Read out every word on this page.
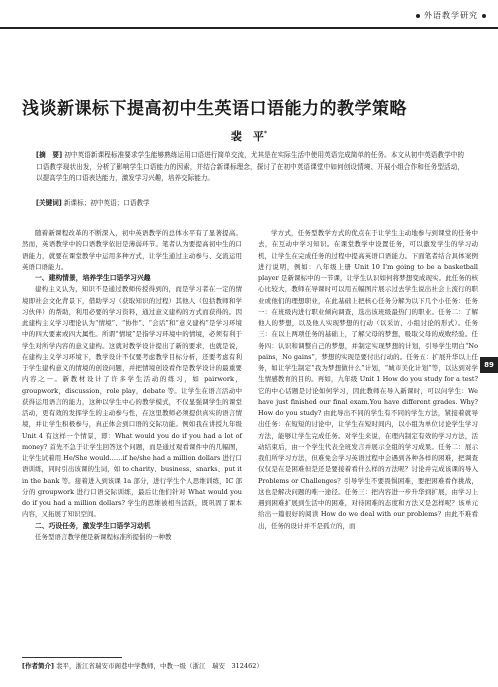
外语教学研究
浅谈新课标下提高初中生英语口语能力的教学策略
裴　平*
[摘　要] 初中英语新课程标准要求学生能够熟练运用口语进行简单交流，尤其是在实际生活中使用英语完成简单的任务。本文从初中英语教学中的口语教学现状出发，分析了影响学生口语能力的因素，并结合新课标理念，探讨了在初中英语课堂中如何创设情境、开展小组合作和任务型活动，以提高学生的口语表达能力，激发学习兴趣，培养交际能力。
[关键词] 新课标；初中英语；口语教学

随着新课程改革的不断深入，初中英语教学的总体水平有了显著提高。然而，英语教学中的口语教学依旧是薄弱环节。笔者认为要提高初中生的口语能力，就要在课堂教学中运用多种方式，让学生通过主动参与、交流运用英语口语能力。

一、建构情景，培养学生口语学习兴趣

建构主义认为，知识不是通过教师传授得到的，而是学习者在一定的情境即社会文化背景下，借助学习（获取知识的过程）其他人（包括教师和学习伙伴）的帮助，利用必要的学习资料，通过意义建构的方式而获得的。因此建构主义学习理论认为“情境”、“协作”、“会话”和“意义建构”是学习环境中的四大要素或四大属性。所谓“情境”是指学习环境中的情境，必须有利于学生对所学内容的意义建构。这就对教学设计提出了新的要求，也就是说，在建构主义学习环境下，教学设计不仅要考虑教学目标分析，还要考虑有利于学生建构意义的情境的创设问题，并把情境创设看作是教学设计的最重要内容之一。新教材设计了许多学生活动的练习，如 pairwork，groupwork，discussion，role play，debate 等。让学生在语言活动中获得运用语言的能力，这种以学生中心的教学模式，不仅显强调学生的课堂活动，更有效的发挥学生的主动参与性，在这里教师必须提供真实的语言情境，并让学生积极参与，真正体会到口语的交际功能。例如我在讲授九年级 Unit 4 有这样一个情景，即：What would you do if you had a lot of money? 首先不急于让学生回答这个问题，而是通过观看课件中的几幅图，让学生试着用 He/She would……if he/she had a million dollars 进行口语训练，同时引出该课的生词，如 to charity、business、snarks、put it in the bank 等。接着进入到该课 1a 部分，进行学生个人思维训练，IC 部分的 groupwork 进行口语交际训练，最后让他们针对 What would you do if you had a million dollars? 学生的思维被相当活跃，既巩固了课本内容，又拓展了知识空间。

二、巧设任务，激发学生口语学习动机

任务型语言教学便是新课程标准所提倡的一种教

学方式，任务型教学方式的优点在于让学生主动地参与到课堂的任务中去，在互动中学习知识。在课堂教学中设置任务，可以激发学生的学习动机，让学生在完成任务的过程中提高英语口语能力。下面笔者结合具体案例进行说明，例如：八年级上册 Unit 10 I'm going to be a basketball player 是新课标中的一节课，让学生认识如何将梦想变成现实。此任务的核心比较大，教师在导课时可以用五幅图片展示过去学生说出社会上流行的职业或他们的理想职业，在此基础上把核心任务分解为以下几个小任务：任务一：在班级内进行职业倾向调查，选出该班级最热门的职业。任务二：了解他人的梦想，以及他人实现梦想的行动（以采访、小组讨论的形式）。任务三：在以上两项任务的基础上，了解父母的梦想，吸取父母的成败经验。任务四：认识和调整自己的梦想，并制定实现梦想的计划，引导学生明白“No pains，No gains”，梦想的实现是要付出行动的。任务五：扩展升华以上任务，如让学生制定“我为梦想做什么”计划，“城市美化计划”等，以达到对学生情感教育的目的。再如，九年级 Unit 1 How do you study for a test? 它的中心话题是讨论如何学习，因此教师在导入新课时，可以问学生：We have just finished our final exam.You have different grades. Why? How do you study? 由此导出不同的学生有不同的学生方法，紧接着就导出任务：在短短的讨论中，让学生在短时间内，以小组为单位讨论学生学习方法，能够让学生完成任务。对学生来说，在理内制定有效的学习方法，活动结束后，由一个学生代表全班发言并展示全组的学习成果。任务二：展示我们所学习方法，但难免会学习英语过程中会遇到各种各样的困难，把调查仅仅是在是困难但是还是要接着看什么样的方法呢？讨论并完成该课的导入 Problems or Challenges？引导学生不要畏惧困难，要把困难看作挑战，这也是解决问题的唯一途径。任务三：把内容进一步升华到扩展，由学习上遇到困难扩展到生活中的困难，对待困难的态度和方法又是怎样呢？该单元给出一篇很好的阅读 How do we deal with our problems？由此不难看出，任务的设计并不是孤立的，而

89
[作者简介] 裴平，浙江省瑞安市阁巷中学教师，中教一级（浙江　瑞安　312462）
